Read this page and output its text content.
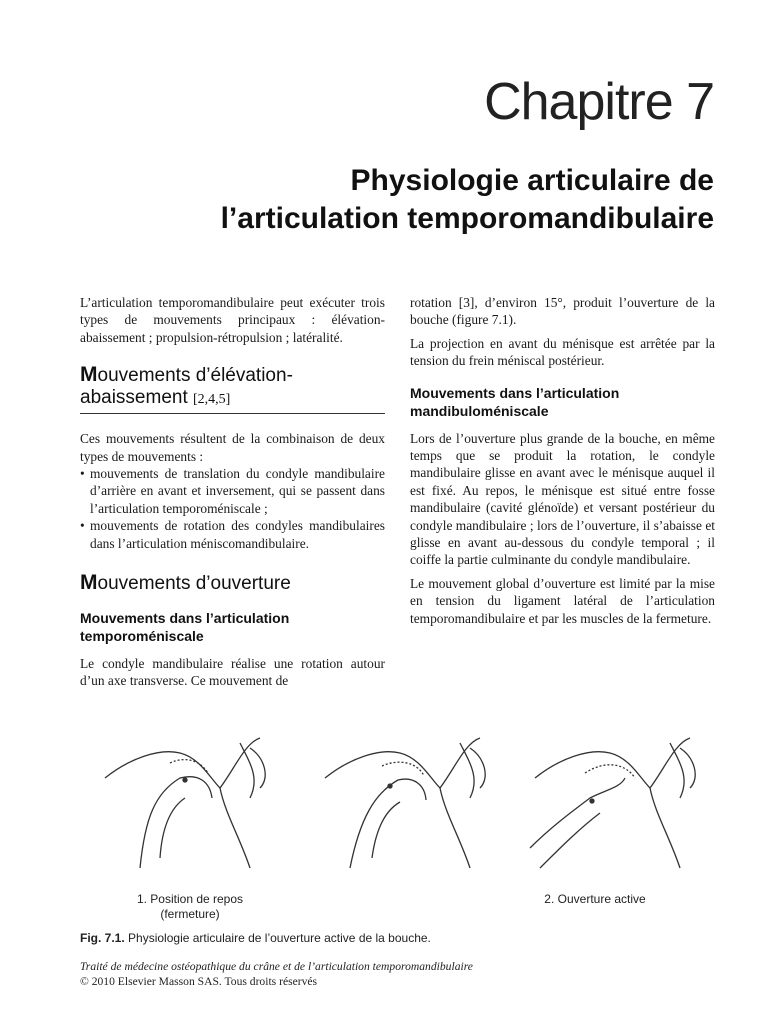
Chapitre 7
Physiologie articulaire de
l’articulation temporomandibulaire

L’articulation temporomandibulaire peut exécuter trois types de mouvements principaux : élévation-abaissement ; propulsion-rétropulsion ; latéralité.

Mouvements d’élévation-
abaissement [2,4,5]

Ces mouvements résultent de la combinaison de deux types de mouvements :

• mouvements de translation du condyle mandibulaire d’arrière en avant et inversement, qui se passent dans l’articulation temporoméniscale ;
• mouvements de rotation des condyles mandibulaires dans l’articulation méniscomandibulaire.
Mouvements d’ouverture
Mouvements dans l’articulation temporoméniscale

Le condyle mandibulaire réalise une rotation autour d’un axe transverse. Ce mouvement de

rotation [3], d’environ 15°, produit l’ouverture de la bouche (figure 7.1).

La projection en avant du ménisque est arrêtée par la tension du frein méniscal postérieur.

Mouvements dans l’articulation mandibuloméniscale

Lors de l’ouverture plus grande de la bouche, en même temps que se produit la rotation, le condyle mandibulaire glisse en avant avec le ménisque auquel il est fixé. Au repos, le ménisque est situé entre fosse mandibulaire (cavité glénoïde) et versant postérieur du condyle mandibulaire ; lors de l’ouverture, il s’abaisse et glisse en avant au-dessous du condyle temporal ; il coiffe la partie culminante du condyle mandibulaire.

Le mouvement global d’ouverture est limité par la mise en tension du ligament latéral de l’articulation temporomandibulaire et par les muscles de la fermeture.

1. Position de repos
(fermeture)
2. Ouverture active
Fig. 7.1. Physiologie articulaire de l’ouverture active de la bouche.
Traité de médecine ostéopathique du crâne et de l’articulation temporomandibulaire
© 2010 Elsevier Masson SAS. Tous droits réservés
